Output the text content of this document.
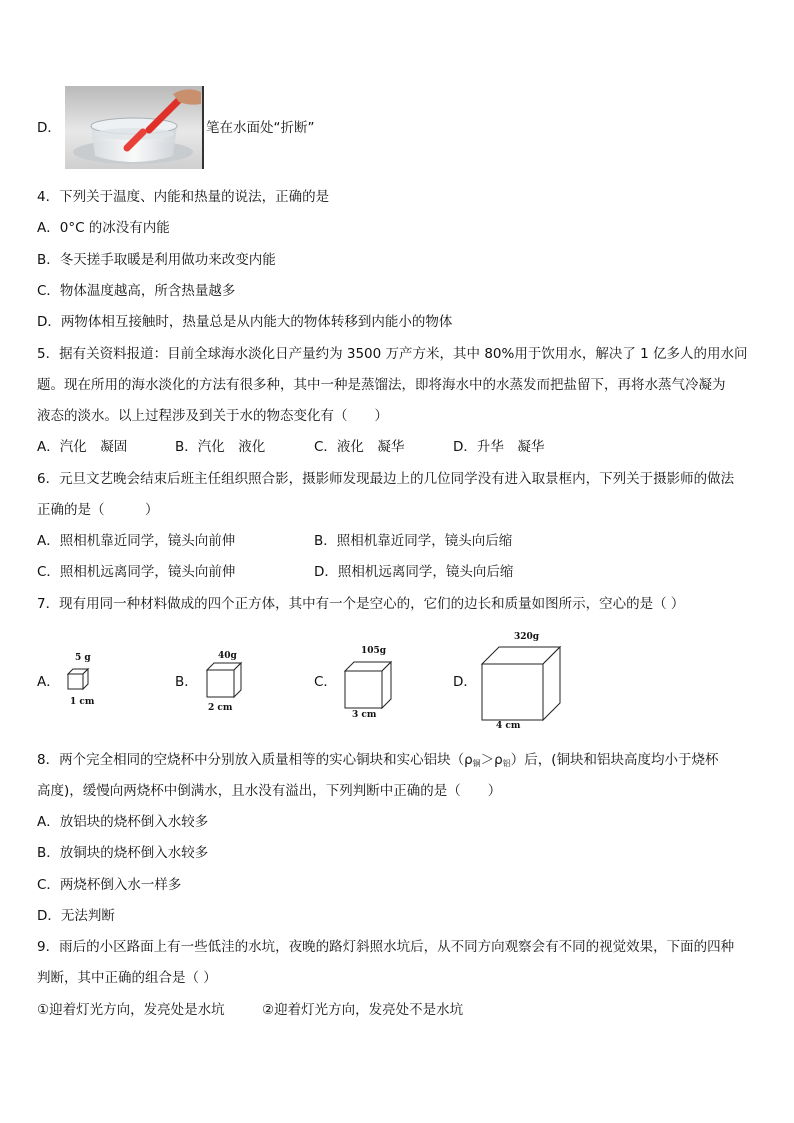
D．	笔在水面处“折断”
4．下列关于温度、内能和热量的说法，正确的是
A．0°C 的冰没有内能
B．冬天搓手取暖是利用做功来改变内能
C．物体温度越高，所含热量越多
D．两物体相互接触时，热量总是从内能大的物体转移到内能小的物体
5．据有关资料报道：目前全球海水淡化日产量约为 3500 万产方米，其中 80%用于饮用水，解决了 1 亿多人的用水问
题。现在所用的海水淡化的方法有很多种，其中一种是蒸馏法，即将海水中的水蒸发而把盐留下，再将水蒸气冷凝为
液态的淡水。以上过程涉及到关于水的物态变化有（　　）
A．汽化　凝固	B．汽化　液化	C．液化　凝华	D．升华　凝华
6．元旦文艺晚会结束后班主任组织照合影，摄影师发现最边上的几位同学没有进入取景框内，下列关于摄影师的做法
正确的是（　　　）
A．照相机靠近同学，镜头向前伸	B．照相机靠近同学，镜头向后缩
C．照相机远离同学，镜头向前伸	D．照相机远离同学，镜头向后缩
7．现有用同一种材料做成的四个正方体，其中有一个是空心的，它们的边长和质量如图所示，空心的是（ ）
A．
5 g
1 cm
B．
40g
2 cm
C．
105g
3 cm
D．
320g
4 cm
8．两个完全相同的空烧杯中分别放入质量相等的实心铜块和实心铝块$(\rho_铜>\rho_铝)$后，(铜块和铝块高度均小于烧杯
高度)，缓慢向两烧杯中倒满水，且水没有溢出，下列判断中正确的是（　　）
A．放铝块的烧杯倒入水较多
B．放铜块的烧杯倒入水较多
C．两烧杯倒入水一样多
D．无法判断
9．雨后的小区路面上有一些低洼的水坑，夜晚的路灯斜照水坑后，从不同方向观察会有不同的视觉效果，下面的四种
判断，其中正确的组合是（ ）
①迎着灯光方向，发亮处是水坑	②迎着灯光方向，发亮处不是水坑
